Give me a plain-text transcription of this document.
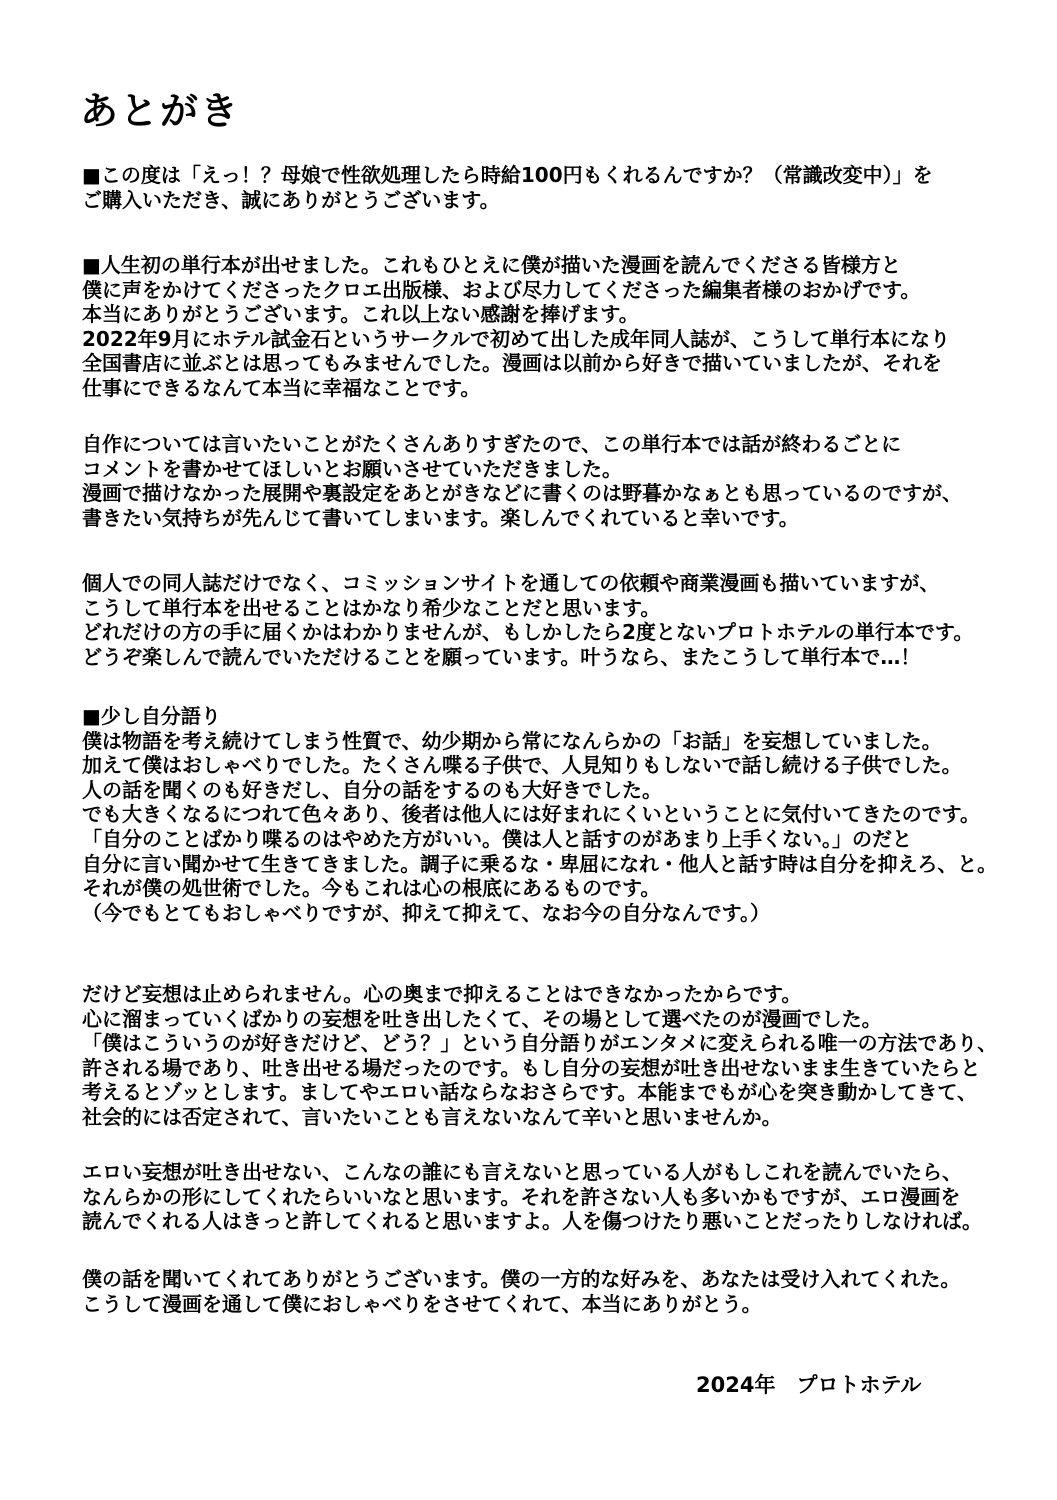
あとがき
■この度は「えっ！？母娘で性欲処理したら時給100円もくれるんですか？（常識改変中）」を
ご購入いただき、誠にありがとうございます。
■人生初の単行本が出せました。これもひとえに僕が描いた漫画を読んでくださる皆様方と
僕に声をかけてくださったクロエ出版様、および尽力してくださった編集者様のおかげです。
本当にありがとうございます。これ以上ない感謝を捧げます。
2022年9月にホテル試金石というサークルで初めて出した成年同人誌が、こうして単行本になり
全国書店に並ぶとは思ってもみませんでした。漫画は以前から好きで描いていましたが、それを
仕事にできるなんて本当に幸福なことです。
自作については言いたいことがたくさんありすぎたので、この単行本では話が終わるごとに
コメントを書かせてほしいとお願いさせていただきました。
漫画で描けなかった展開や裏設定をあとがきなどに書くのは野暮かなぁとも思っているのですが、
書きたい気持ちが先んじて書いてしまいます。楽しんでくれていると幸いです。
個人での同人誌だけでなく、コミッションサイトを通しての依頼や商業漫画も描いていますが、
こうして単行本を出せることはかなり希少なことだと思います。
どれだけの方の手に届くかはわかりませんが、もしかしたら2度とないプロトホテルの単行本です。
どうぞ楽しんで読んでいただけることを願っています。叶うなら、またこうして単行本で…！
■少し自分語り
僕は物語を考え続けてしまう性質で、幼少期から常になんらかの「お話」を妄想していました。
加えて僕はおしゃべりでした。たくさん喋る子供で、人見知りもしないで話し続ける子供でした。
人の話を聞くのも好きだし、自分の話をするのも大好きでした。
でも大きくなるにつれて色々あり、後者は他人には好まれにくいということに気付いてきたのです。
「自分のことばかり喋るのはやめた方がいい。僕は人と話すのがあまり上手くない。」のだと
自分に言い聞かせて生きてきました。調子に乗るな・卑屈になれ・他人と話す時は自分を抑えろ、と。
それが僕の処世術でした。今もこれは心の根底にあるものです。
（今でもとてもおしゃべりですが、抑えて抑えて、なお今の自分なんです。）
だけど妄想は止められません。心の奥まで抑えることはできなかったからです。
心に溜まっていくばかりの妄想を吐き出したくて、その場として選べたのが漫画でした。
「僕はこういうのが好きだけど、どう？」という自分語りがエンタメに変えられる唯一の方法であり、
許される場であり、吐き出せる場だったのです。もし自分の妄想が吐き出せないまま生きていたらと
考えるとゾッとします。ましてやエロい話ならなおさらです。本能までもが心を突き動かしてきて、
社会的には否定されて、言いたいことも言えないなんて辛いと思いませんか。
エロい妄想が吐き出せない、こんなの誰にも言えないと思っている人がもしこれを読んでいたら、
なんらかの形にしてくれたらいいなと思います。それを許さない人も多いかもですが、エロ漫画を
読んでくれる人はきっと許してくれると思いますよ。人を傷つけたり悪いことだったりしなければ。
僕の話を聞いてくれてありがとうございます。僕の一方的な好みを、あなたは受け入れてくれた。
こうして漫画を通して僕におしゃべりをさせてくれて、本当にありがとう。
2024年　プロトホテル
